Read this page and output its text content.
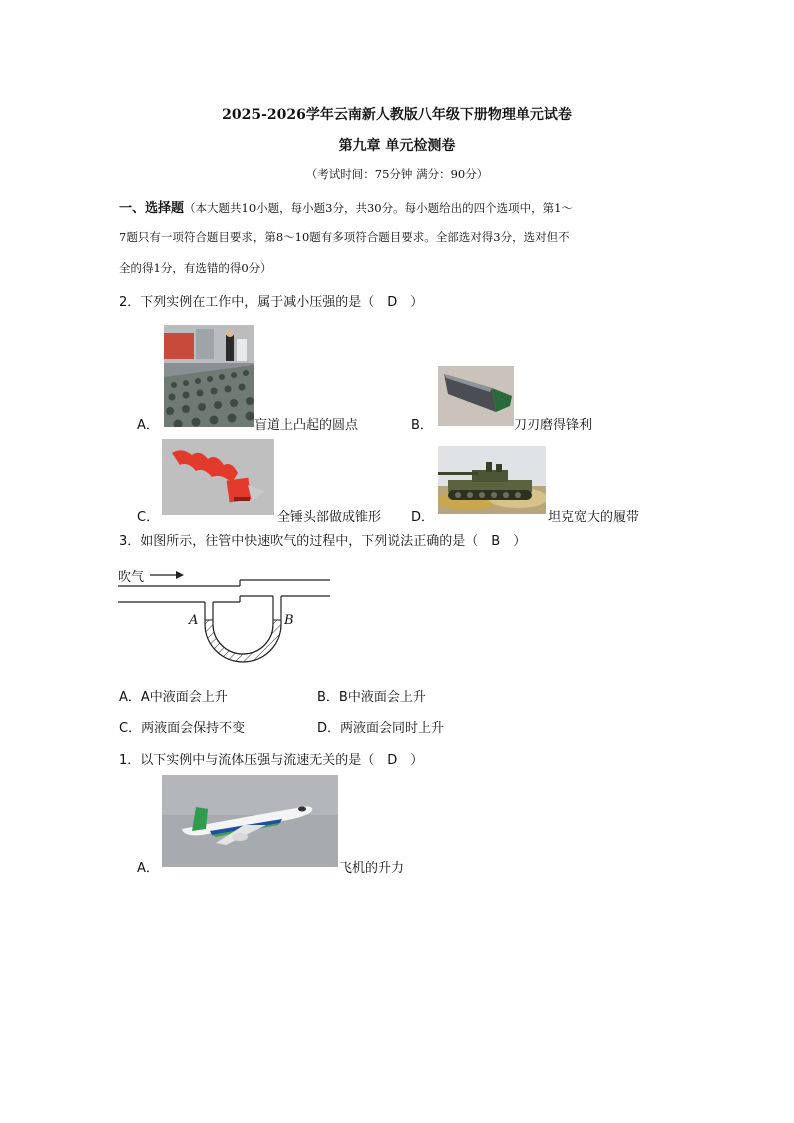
2025-2026学年云南新人教版八年级下册物理单元试卷
第九章 单元检测卷
（考试时间：75分钟 满分：90分）
一、选择题（本大题共10小题，每小题3分，共30分。每小题给出的四个选项中，第1～
7题只有一项符合题目要求，第8～10题有多项符合题目要求。全部选对得3分，选对但不
全的得1分，有选错的得0分）
2．下列实例在工作中，属于减小压强的是（　D　）
A．	盲道上凸起的圆点	B．	刀刃磨得锋利
C．	全锤头部做成锥形 D．	坦克宽大的履带
3．如图所示，往管中快速吹气的过程中，下列说法正确的是（　B　）
吹气
A	B
A．A中液面会上升	B．B中液面会上升
C．两液面会保持不变	D．两液面会同时上升
1．以下实例中与流体压强与流速无关的是（　D　）
A．	飞机的升力
